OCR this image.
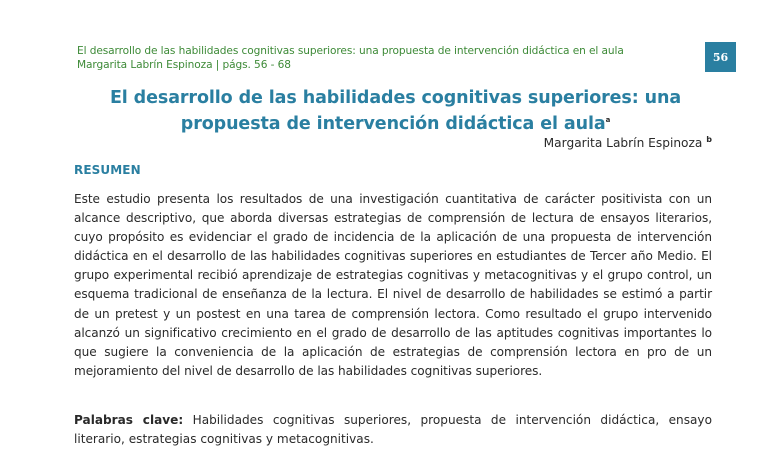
El desarrollo de las habilidades cognitivas superiores: una propuesta de intervención didáctica en el aula
Margarita Labrín Espinoza | págs. 56 - 68
56
El desarrollo de las habilidades cognitivas superiores: una
propuesta de intervención didáctica el aula$^a$
Margarita Labrín Espinoza $^b$
RESUMEN

Este estudio presenta los resultados de una investigación cuantitativa de carácter positivista con un alcance descriptivo, que aborda diversas estrategias de comprensión de lectura de ensayos literarios, cuyo propósito es evidenciar el grado de incidencia de la aplicación de una propuesta de intervención didáctica en el desarrollo de las habilidades cognitivas superiores en estudiantes de Tercer año Medio. El grupo experimental recibió aprendizaje de estrategias cognitivas y metacognitivas y el grupo control, un esquema tradicional de enseñanza de la lectura. El nivel de desarrollo de habilidades se estimó a partir de un pretest y un postest en una tarea de comprensión lectora. Como resultado el grupo intervenido alcanzó un significativo crecimiento en el grado de desarrollo de las aptitudes cognitivas importantes lo que sugiere la conveniencia de la aplicación de estrategias de comprensión lectora en pro de un mejoramiento del nivel de desarrollo de las habilidades cognitivas superiores.

Palabras clave: Habilidades cognitivas superiores, propuesta de intervención didáctica, ensayo literario, estrategias cognitivas y metacognitivas.
